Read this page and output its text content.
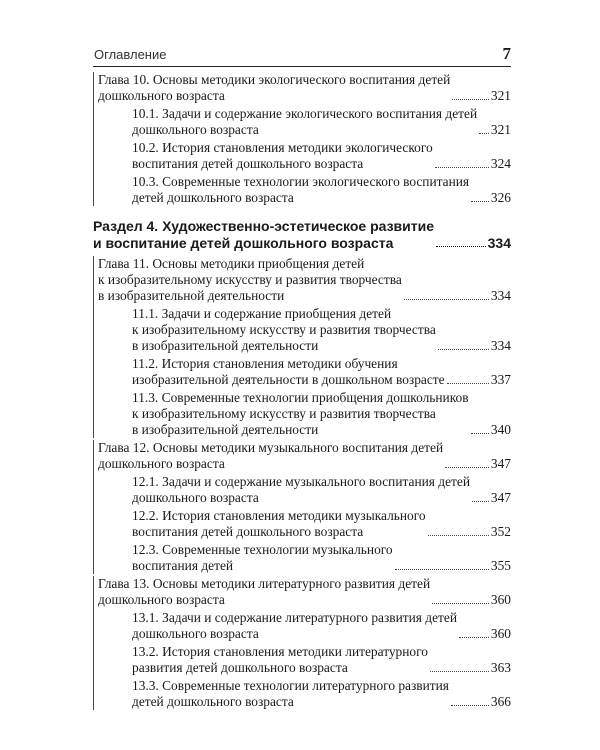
Оглавление	7
Глава 10. Основы методики экологического воспитания детей
дошкольного возраста	321
10.1. Задачи и содержание экологического воспитания детей
дошкольного возраста	321
10.2. История становления методики экологического
воспитания детей дошкольного возраста	324
10.3. Современные технологии экологического воспитания
детей дошкольного возраста	326
Раздел 4. Художественно-эстетическое развитие
и воспитание детей дошкольного возраста	334
Глава 11. Основы методики приобщения детей
к изобразительному искусству и развития творчества
в изобразительной деятельности	334
11.1. Задачи и содержание приобщения детей
к изобразительному искусству и развития творчества
в изобразительной деятельности	334
11.2. История становления методики обучения
изобразительной деятельности в дошкольном возрасте	337
11.3. Современные технологии приобщения дошкольников
к изобразительному искусству и развития творчества
в изобразительной деятельности	340
Глава 12. Основы методики музыкального воспитания детей
дошкольного возраста	347
12.1. Задачи и содержание музыкального воспитания детей
дошкольного возраста	347
12.2. История становления методики музыкального
воспитания детей дошкольного возраста	352
12.3. Современные технологии музыкального
воспитания детей	355
Глава 13. Основы методики литературного развития детей
дошкольного возраста	360
13.1. Задачи и содержание литературного развития детей
дошкольного возраста	360
13.2. История становления методики литературного
развития детей дошкольного возраста	363
13.3. Современные технологии литературного развития
детей дошкольного возраста	366
